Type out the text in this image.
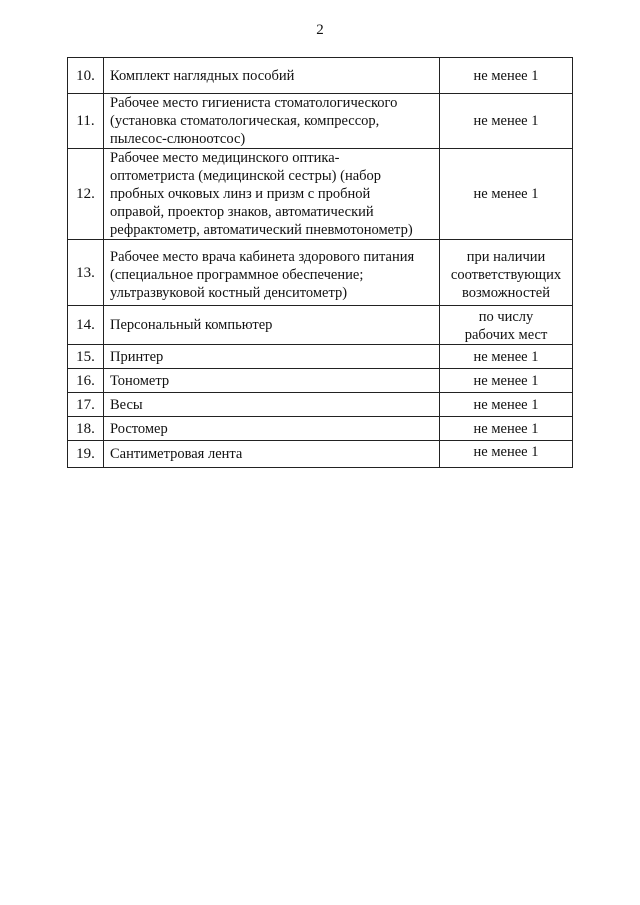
2
10.	Комплект наглядных пособий	не менее 1
11.	Рабочее место гигиениста стоматологического
(установка стоматологическая, компрессор,
пылесос-слюноотсос)	не менее 1
12.	Рабочее место медицинского оптика-
оптометриста (медицинской сестры) (набор
пробных очковых линз и призм с пробной
оправой, проектор знаков, автоматический
рефрактометр, автоматический пневмотонометр)	не менее 1
13.	Рабочее место врача кабинета здорового питания
(специальное программное обеспечение;
ультразвуковой костный денситометр)	при наличии
соответствующих
возможностей
14.	Персональный компьютер	по числу
рабочих мест
15.	Принтер	не менее 1
16.	Тонометр	не менее 1
17.	Весы	не менее 1
18.	Ростомер	не менее 1
19.	Сантиметровая лента	не менее 1
